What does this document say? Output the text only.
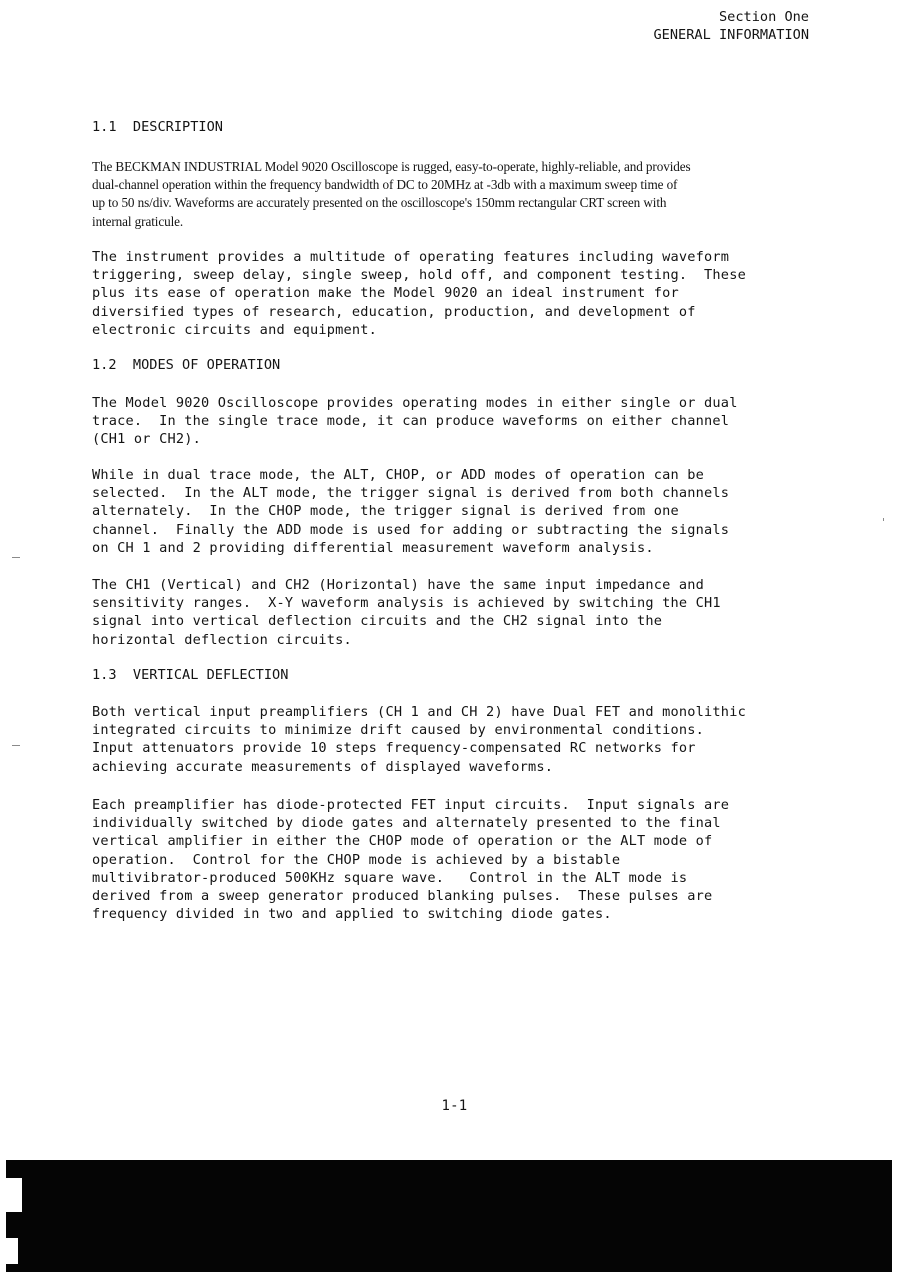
Section One
GENERAL INFORMATION
1.1  DESCRIPTION
The BECKMAN INDUSTRIAL Model 9020 Oscilloscope is rugged, easy-to-operate, highly-reliable, and provides
dual-channel operation within the frequency bandwidth of DC to 20MHz at -3db with a maximum sweep time of
up to 50 ns/div. Waveforms are accurately presented on the oscilloscope's 150mm rectangular CRT screen with
internal graticule.
The instrument provides a multitude of operating features including waveform
triggering, sweep delay, single sweep, hold off, and component testing.  These
plus its ease of operation make the Model 9020 an ideal instrument for
diversified types of research, education, production, and development of
electronic circuits and equipment.
1.2  MODES OF OPERATION
The Model 9020 Oscilloscope provides operating modes in either single or dual
trace.  In the single trace mode, it can produce waveforms on either channel
(CH1 or CH2).
While in dual trace mode, the ALT, CHOP, or ADD modes of operation can be
selected.  In the ALT mode, the trigger signal is derived from both channels
alternately.  In the CHOP mode, the trigger signal is derived from one
channel.  Finally the ADD mode is used for adding or subtracting the signals
on CH 1 and 2 providing differential measurement waveform analysis.
The CH1 (Vertical) and CH2 (Horizontal) have the same input impedance and
sensitivity ranges.  X-Y waveform analysis is achieved by switching the CH1
signal into vertical deflection circuits and the CH2 signal into the
horizontal deflection circuits.
1.3  VERTICAL DEFLECTION
Both vertical input preamplifiers (CH 1 and CH 2) have Dual FET and monolithic
integrated circuits to minimize drift caused by environmental conditions.
Input attenuators provide 10 steps frequency-compensated RC networks for
achieving accurate measurements of displayed waveforms.
Each preamplifier has diode-protected FET input circuits.  Input signals are
individually switched by diode gates and alternately presented to the final
vertical amplifier in either the CHOP mode of operation or the ALT mode of
operation.  Control for the CHOP mode is achieved by a bistable
multivibrator-produced 500KHz square wave.   Control in the ALT mode is
derived from a sweep generator produced blanking pulses.  These pulses are
frequency divided in two and applied to switching diode gates.
1-1
